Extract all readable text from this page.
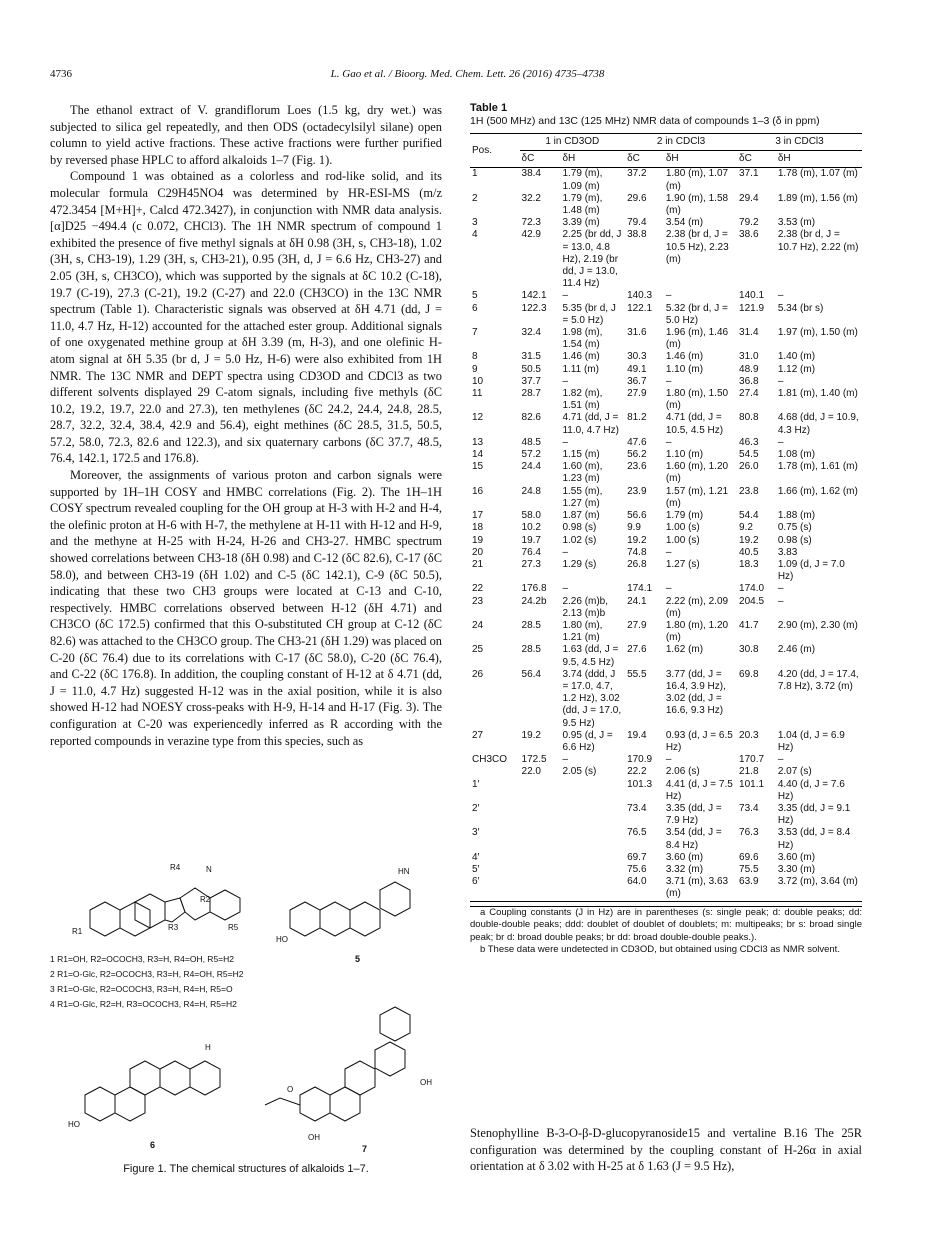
4736	L. Gao et al. / Bioorg. Med. Chem. Lett. 26 (2016) 4735–4738

The ethanol extract of V. grandiflorum Loes (1.5 kg, dry wet.) was subjected to silica gel repeatedly, and then ODS (octadecylsilyl silane) open column to yield active fractions. These active fractions were further purified by reversed phase HPLC to afford alkaloids 1–7 (Fig. 1).

Compound 1 was obtained as a colorless and rod-like solid, and its molecular formula C29H45NO4 was determined by HR-ESI-MS (m/z 472.3454 [M+H]+, Calcd 472.3427), in conjunction with NMR data analysis. [α]D25 −494.4 (c 0.072, CHCl3). The 1H NMR spectrum of compound 1 exhibited the presence of five methyl signals at δH 0.98 (3H, s, CH3-18), 1.02 (3H, s, CH3-19), 1.29 (3H, s, CH3-21), 0.95 (3H, d, J = 6.6 Hz, CH3-27) and 2.05 (3H, s, CH3CO), which was supported by the signals at δC 10.2 (C-18), 19.7 (C-19), 27.3 (C-21), 19.2 (C-27) and 22.0 (CH3CO) in the 13C NMR spectrum (Table 1). Characteristic signals was observed at δH 4.71 (dd, J = 11.0, 4.7 Hz, H-12) accounted for the attached ester group. Additional signals of one oxygenated methine group at δH 3.39 (m, H-3), and one olefinic H-atom signal at δH 5.35 (br d, J = 5.0 Hz, H-6) were also exhibited from 1H NMR. The 13C NMR and DEPT spectra using CD3OD and CDCl3 as two different solvents displayed 29 C-atom signals, including five methyls (δC 10.2, 19.2, 19.7, 22.0 and 27.3), ten methylenes (δC 24.2, 24.4, 24.8, 28.5, 28.7, 32.2, 32.4, 38.4, 42.9 and 56.4), eight methines (δC 28.5, 31.5, 50.5, 57.2, 58.0, 72.3, 82.6 and 122.3), and six quaternary carbons (δC 37.7, 48.5, 76.4, 142.1, 172.5 and 176.8).

Moreover, the assignments of various proton and carbon signals were supported by 1H–1H COSY and HMBC correlations (Fig. 2). The 1H–1H COSY spectrum revealed coupling for the OH group at H-3 with H-2 and H-4, the olefinic proton at H-6 with H-7, the methylene at H-11 with H-12 and H-9, and the methyne at H-25 with H-24, H-26 and CH3-27. HMBC spectrum showed correlations between CH3-18 (δH 0.98) and C-12 (δC 82.6), C-17 (δC 58.0), and between CH3-19 (δH 1.02) and C-5 (δC 142.1), C-9 (δC 50.5), indicating that these two CH3 groups were located at C-13 and C-10, respectively. HMBC correlations observed between H-12 (δH 4.71) and CH3CO (δC 172.5) confirmed that this O-substituted CH group at C-12 (δC 82.6) was attached to the CH3CO group. The CH3-21 (δH 1.29) was placed on C-20 (δC 76.4) due to its correlations with C-17 (δC 58.0), C-20 (δC 76.4), and C-22 (δC 176.8). In addition, the coupling constant of H-12 at δ 4.71 (dd, J = 11.0, 4.7 Hz) suggested H-12 was in the axial position, while it is also showed H-12 had NOESY cross-peaks with H-9, H-14 and H-17 (Fig. 3). The configuration at C-20 was experiencedly inferred as R according with the reported compounds in verazine type from this species, such as

R1
R2
R3
R4
R5
N
1 R1=OH, R2=OCOCH3, R3=H, R4=OH, R5=H2
2 R1=O-Glc, R2=OCOCH3, R3=H, R4=OH, R5=H2
3 R1=O-Glc, R2=OCOCH3, R3=H, R4=H, R5=O
4 R1=O-Glc, R2=H, R3=OCOCH3, R4=H, R5=H2
HO
HN
5
HO
H
6
O
OH
OH
7
Figure 1. The chemical structures of alkaloids 1–7.
Table 1
1H (500 MHz) and 13C (125 MHz) NMR data of compounds 1–3 (δ in ppm)
Pos.	1 in CD3OD		2 in CDCl3		3 in CDCl3	
	δC	δH	δC	δH	δC	δH
1	38.4	1.79 (m), 1.09 (m)	37.2	1.80 (m), 1.07 (m)	37.1	1.78 (m), 1.07 (m)
2	32.2	1.79 (m), 1.48 (m)	29.6	1.90 (m), 1.58 (m)	29.4	1.89 (m), 1.56 (m)
3	72.3	3.39 (m)	79.4	3.54 (m)	79.2	3.53 (m)
4	42.9	2.25 (br dd, J = 13.0, 4.8 Hz), 2.19 (br dd, J = 13.0, 11.4 Hz)	38.8	2.38 (br d, J = 10.5 Hz), 2.23 (m)	38.6	2.38 (br d, J = 10.7 Hz), 2.22 (m)
5	142.1	–	140.3	–	140.1	–
6	122.3	5.35 (br d, J = 5.0 Hz)	122.1	5.32 (br d, J = 5.0 Hz)	121.9	5.34 (br s)
7	32.4	1.98 (m), 1.54 (m)	31.6	1.96 (m), 1.46 (m)	31.4	1.97 (m), 1.50 (m)
8	31.5	1.46 (m)	30.3	1.46 (m)	31.0	1.40 (m)
9	50.5	1.11 (m)	49.1	1.10 (m)	48.9	1.12 (m)
10	37.7	–	36.7	–	36.8	–
11	28.7	1.82 (m), 1.51 (m)	27.9	1.80 (m), 1.50 (m)	27.4	1.81 (m), 1.40 (m)
12	82.6	4.71 (dd, J = 11.0, 4.7 Hz)	81.2	4.71 (dd, J = 10.5, 4.5 Hz)	80.8	4.68 (dd, J = 10.9, 4.3 Hz)
13	48.5	–	47.6	–	46.3	–
14	57.2	1.15 (m)	56.2	1.10 (m)	54.5	1.08 (m)
15	24.4	1.60 (m), 1.23 (m)	23.6	1.60 (m), 1.20 (m)	26.0	1.78 (m), 1.61 (m)
16	24.8	1.55 (m), 1.27 (m)	23.9	1.57 (m), 1.21 (m)	23.8	1.66 (m), 1.62 (m)
17	58.0	1.87 (m)	56.6	1.79 (m)	54.4	1.88 (m)
18	10.2	0.98 (s)	9.9	1.00 (s)	9.2	0.75 (s)
19	19.7	1.02 (s)	19.2	1.00 (s)	19.2	0.98 (s)
20	76.4	–	74.8	–	40.5	3.83
21	27.3	1.29 (s)	26.8	1.27 (s)	18.3	1.09 (d, J = 7.0 Hz)
22	176.8	–	174.1	–	174.0	–
23	24.2b	2.26 (m)b, 2.13 (m)b	24.1	2.22 (m), 2.09 (m)	204.5	–
24	28.5	1.80 (m), 1.21 (m)	27.9	1.80 (m), 1.20 (m)	41.7	2.90 (m), 2.30 (m)
25	28.5	1.63 (dd, J = 9.5, 4.5 Hz)	27.6	1.62 (m)	30.8	2.46 (m)
26	56.4	3.74 (ddd, J = 17.0, 4.7, 1.2 Hz), 3.02 (dd, J = 17.0, 9.5 Hz)	55.5	3.77 (dd, J = 16.4, 3.9 Hz), 3.02 (dd, J = 16.6, 9.3 Hz)	69.8	4.20 (dd, J = 17.4, 7.8 Hz), 3.72 (m)
27	19.2	0.95 (d, J = 6.6 Hz)	19.4	0.93 (d, J = 6.5 Hz)	20.3	1.04 (d, J = 6.9 Hz)
CH3CO	172.5	–	170.9	–	170.7	–
	22.0	2.05 (s)	22.2	2.06 (s)	21.8	2.07 (s)
1′			101.3	4.41 (d, J = 7.5 Hz)	101.1	4.40 (d, J = 7.6 Hz)
2′			73.4	3.35 (dd, J = 7.9 Hz)	73.4	3.35 (dd, J = 9.1 Hz)
3′			76.5	3.54 (dd, J = 8.4 Hz)	76.3	3.53 (dd, J = 8.4 Hz)
4′			69.7	3.60 (m)	69.6	3.60 (m)
5′			75.6	3.32 (m)	75.5	3.30 (m)
6′			64.0	3.71 (m), 3.63 (m)	63.9	3.72 (m), 3.64 (m)

a Coupling constants (J in Hz) are in parentheses (s: single peak; d: double peaks; dd: double-double peaks; ddd: doublet of doublet of doublets; m: multipeaks; br s: broad single peak; br d: broad double peaks; br dd: broad double-double peaks.).

b These data were undetected in CD3OD, but obtained using CDCl3 as NMR solvent.

Stenophylline B-3-O-β-D-glucopyranoside15 and vertaline B.16 The 25R configuration was determined by the coupling constant of H-26α in axial orientation at δ 3.02 with H-25 at δ 1.63 (J = 9.5 Hz),
